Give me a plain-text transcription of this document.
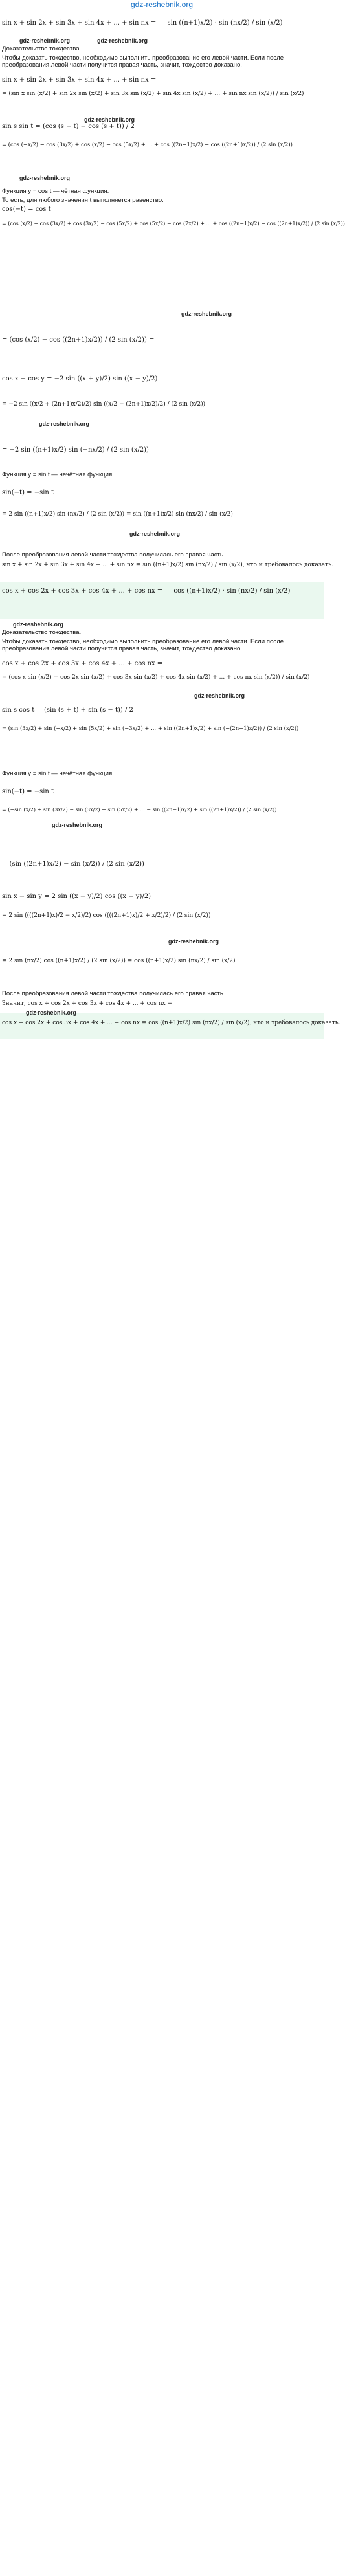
gdz-reshebnik.org
sin x + sin 2x + sin 3x + sin 4x + ... + sin nx = sin ((n+1)x/2) · sin (nx/2) / sin (x/2)
Доказательство тождества.
Чтобы доказать тождество, необходимо выполнить преобразование его левой части. Если после преобразования левой части получится правая часть, значит, тождество доказано.
sin x + sin 2x + sin 3x + sin 4x + ... + sin nx =
= (sin x sin (x/2) + sin 2x sin (x/2) + sin 3x sin (x/2) + sin 4x sin (x/2) + ... + sin nx sin (x/2)) / sin (x/2)
sin s sin t = (cos (s − t) − cos (s + t)) / 2
= (cos (−x/2) − cos (3x/2) + cos (x/2) − cos (5x/2) + ... + cos ((2n−1)x/2) − cos ((2n+1)x/2)) / (2 sin (x/2))
Функция y = cos t — чётная функция.
cos(−t) = cos t
То есть, для любого значения t выполняется равенство:
= (cos (x/2) − cos (3x/2) + cos (3x/2) − cos (5x/2) + cos (5x/2) − cos (7x/2) + ... + cos ((2n−1)x/2) − cos ((2n+1)x/2)) / (2 sin (x/2))
= (cos (x/2) − cos ((2n+1)x/2)) / (2 sin (x/2)) =
cos x − cos y = −2 sin ((x + y)/2) sin ((x − y)/2)
= −2 sin ((x/2 + (2n+1)x/2)/2) sin ((x/2 − (2n+1)x/2)/2) / (2 sin (x/2))
= −2 sin ((n+1)x/2) sin (−nx/2) / (2 sin (x/2))
Функция y = sin t — нечётная функция.
sin(−t) = −sin t
= 2 sin ((n+1)x/2) sin (nx/2) / (2 sin (x/2)) = sin ((n+1)x/2) sin (nx/2) / sin (x/2)
После преобразования левой части тождества получилась его правая часть.
sin x + sin 2x + sin 3x + sin 4x + ... + sin nx = sin ((n+1)x/2) sin (nx/2) / sin (x/2), что и требовалось доказать.
cos x + cos 2x + cos 3x + cos 4x + ... + cos nx = cos ((n+1)x/2) · sin (nx/2) / sin (x/2)
Доказательство тождества.
Чтобы доказать тождество, необходимо выполнить преобразование его левой части. Если после преобразования левой части получится правая часть, значит, тождество доказано.
cos x + cos 2x + cos 3x + cos 4x + ... + cos nx =
= (cos x sin (x/2) + cos 2x sin (x/2) + cos 3x sin (x/2) + cos 4x sin (x/2) + ... + cos nx sin (x/2)) / sin (x/2)
sin s cos t = (sin (s + t) + sin (s − t)) / 2
= (sin (3x/2) + sin (−x/2) + sin (5x/2) + sin (−3x/2) + ... + sin ((2n+1)x/2) + sin (−(2n−1)x/2)) / (2 sin (x/2))
Функция y = sin t — нечётная функция.
sin(−t) = −sin t
= (−sin (x/2) + sin (3x/2) − sin (3x/2) + sin (5x/2) + ... − sin ((2n−1)x/2) + sin ((2n+1)x/2)) / (2 sin (x/2))
= (sin ((2n+1)x/2) − sin (x/2)) / (2 sin (x/2)) =
sin x − sin y = 2 sin ((x − y)/2) cos ((x + y)/2)
= 2 sin ((((2n+1)x)/2 − x/2)/2) cos ((((2n+1)x)/2 + x/2)/2) / (2 sin (x/2))
= 2 sin (nx/2) cos ((n+1)x/2) / (2 sin (x/2)) = cos ((n+1)x/2) sin (nx/2) / sin (x/2)
После преобразования левой части тождества получилась его правая часть.
Значит, cos x + cos 2x + cos 3x + cos 4x + ... + cos nx =
cos x + cos 2x + cos 3x + cos 4x + ... + cos nx = cos ((n+1)x/2) sin (nx/2) / sin (x/2), что и требовалось доказать.
gdz-reshebnik.org	gdz-reshebnik.org
gdz-reshebnik.org
gdz-reshebnik.org
gdz-reshebnik.org
gdz-reshebnik.org
gdz-reshebnik.org
gdz-reshebnik.org
gdz-reshebnik.org
gdz-reshebnik.org
gdz-reshebnik.org
gdz-reshebnik.org
